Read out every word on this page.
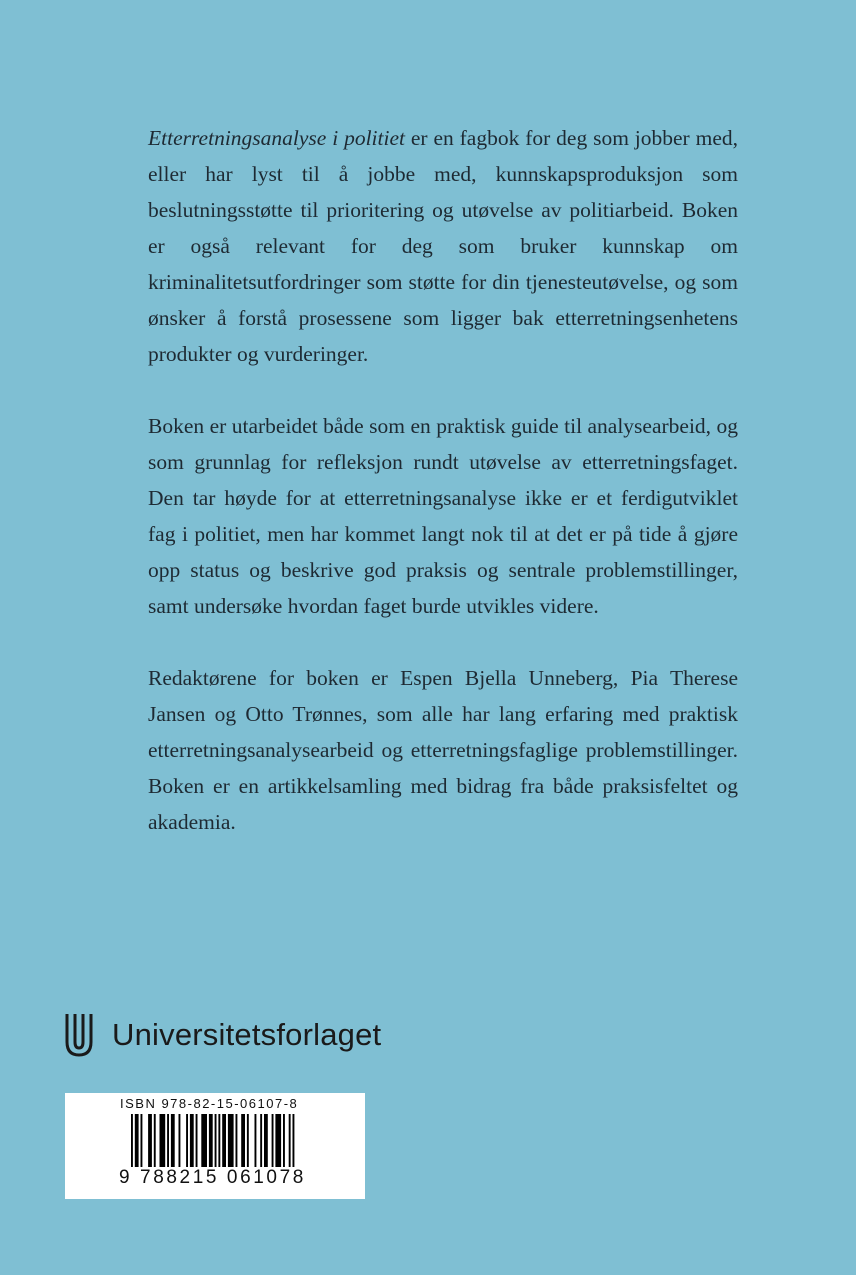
Etterretningsanalyse i politiet er en fagbok for deg som jobber med, eller har lyst til å jobbe med, kunnskapsproduksjon som beslutningsstøtte til prioritering og utøvelse av politiarbeid. Boken er også relevant for deg som bruker kunnskap om kriminalitetsutfordringer som støtte for din tjenesteutøvelse, og som ønsker å forstå prosessene som ligger bak etterretningsenhetens produkter og vurderinger.

Boken er utarbeidet både som en praktisk guide til analysearbeid, og som grunnlag for refleksjon rundt utøvelse av etterretningsfaget. Den tar høyde for at etterretningsanalyse ikke er et ferdigutviklet fag i politiet, men har kommet langt nok til at det er på tide å gjøre opp status og beskrive god praksis og sentrale problemstillinger, samt undersøke hvordan faget burde utvikles videre.

Redaktørene for boken er Espen Bjella Unneberg, Pia Therese Jansen og Otto Trønnes, som alle har lang erfaring med praktisk etterretningsanalysearbeid og etterretningsfaglige problemstillinger. Boken er en artikkelsamling med bidrag fra både praksisfeltet og akademia.

Universitetsforlaget
ISBN 978-82-15-06107-8
9 788215 061078
